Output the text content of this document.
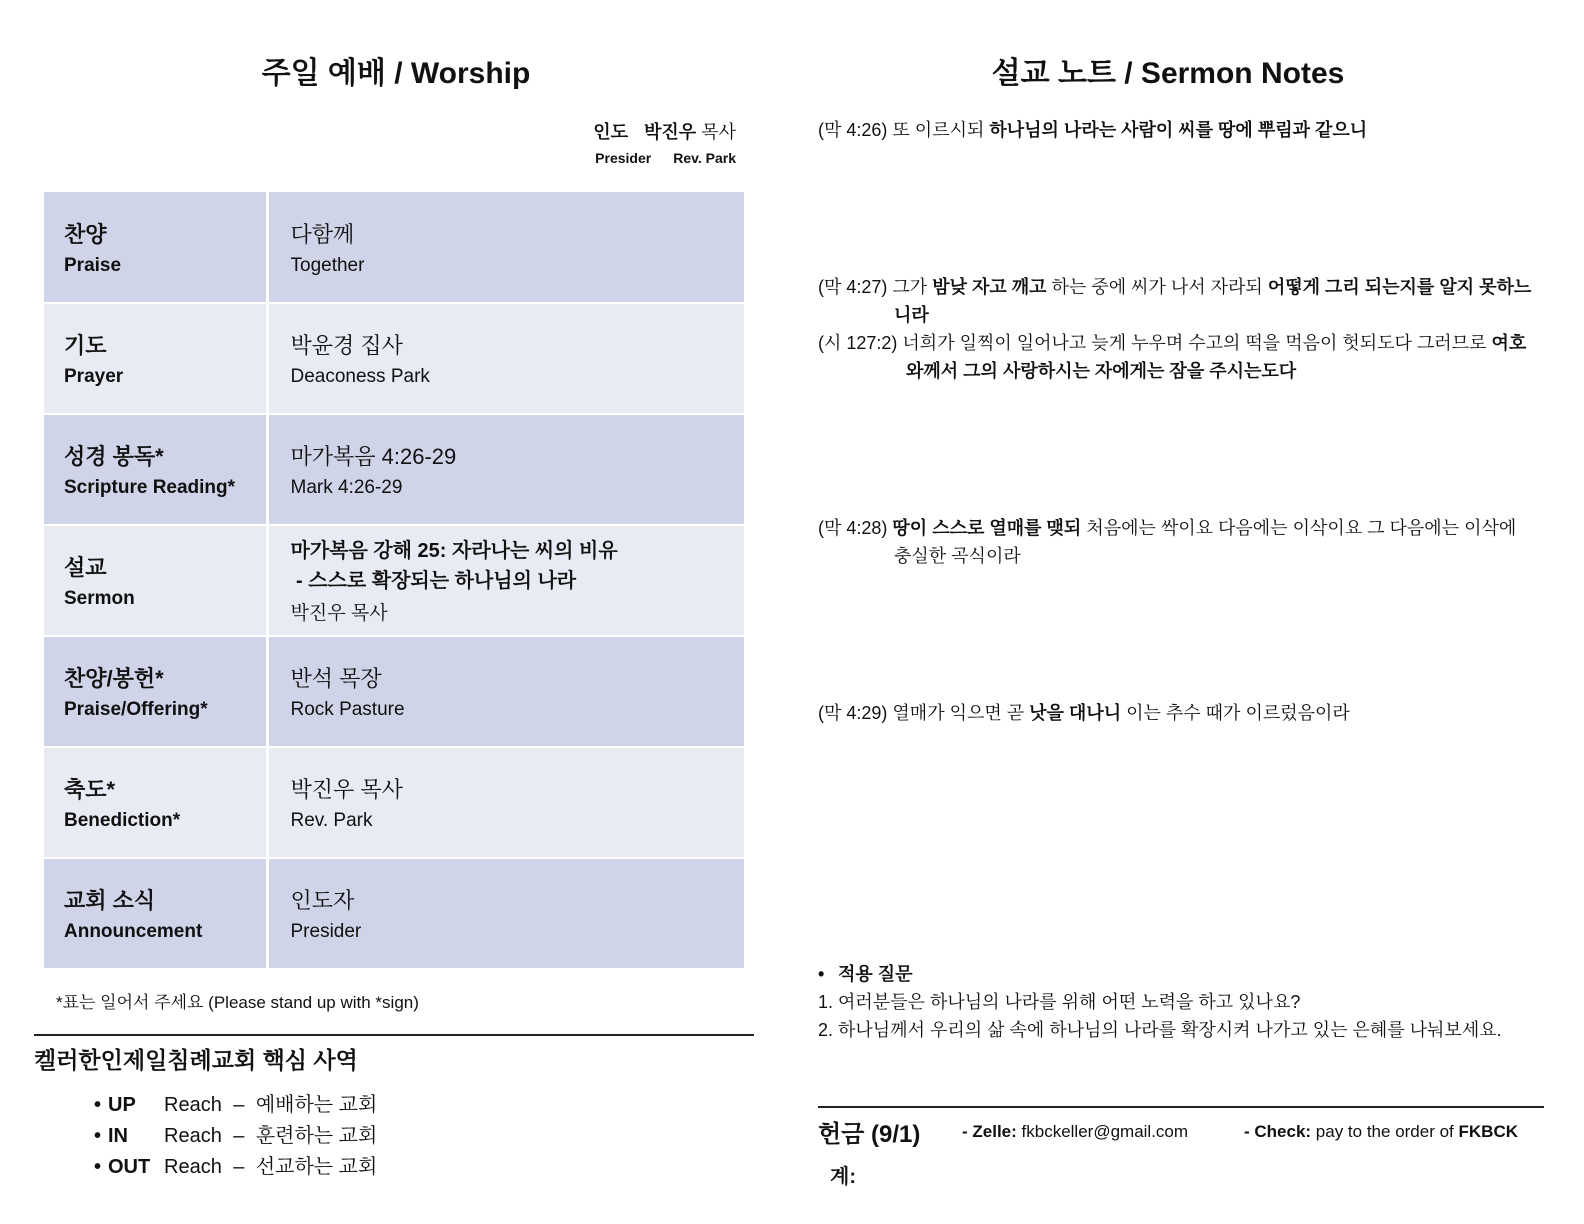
주일 예배 / Worship
인도 박진우 목사
Presider Rev. Park
찬양
Praise	다함께
Together

기도
Prayer	박윤경 집사
Deaconess Park

성경 봉독*
Scripture Reading*	마가복음 4:26-29
Mark 4:26-29

설교
Sermon	마가복음 강해 25: 자라나는 씨의 비유
- 스스로 확장되는 하나님의 나라
박진우 목사

찬양/봉헌*
Praise/Offering*	반석 목장
Rock Pasture

축도*
Benediction*	박진우 목사
Rev. Park

교회 소식
Announcement	인도자
Presider
*표는 일어서 주세요 (Please stand up with *sign)
켈러한인제일침례교회 핵심 사역
• UP Reach – 예배하는 교회
• IN Reach – 훈련하는 교회
• OUT Reach – 선교하는 교회
설교 노트 / Sermon Notes
(막 4:26) 또 이르시되 하나님의 나라는 사람이 씨를 땅에 뿌림과 같으니
(막 4:27) 그가 밤낮 자고 깨고 하는 중에 씨가 나서 자라되 어떻게 그리 되는지를 알지 못하느니라
(시 127:2) 너희가 일찍이 일어나고 늦게 누우며 수고의 떡을 먹음이 헛되도다 그러므로 여호와께서 그의 사랑하시는 자에게는 잠을 주시는도다
(막 4:28) 땅이 스스로 열매를 맺되 처음에는 싹이요 다음에는 이삭이요 그 다음에는 이삭에 충실한 곡식이라
(막 4:29) 열매가 익으면 곧 낫을 대나니 이는 추수 때가 이르렀음이라
• 적용 질문
1. 여러분들은 하나님의 나라를 위해 어떤 노력을 하고 있나요?
2. 하나님께서 우리의 삶 속에 하나님의 나라를 확장시켜 나가고 있는 은혜를 나눠보세요.
헌금 (9/1) - Zelle: fkbckeller@gmail.com	- Check: pay to the order of FKBCK
계:
